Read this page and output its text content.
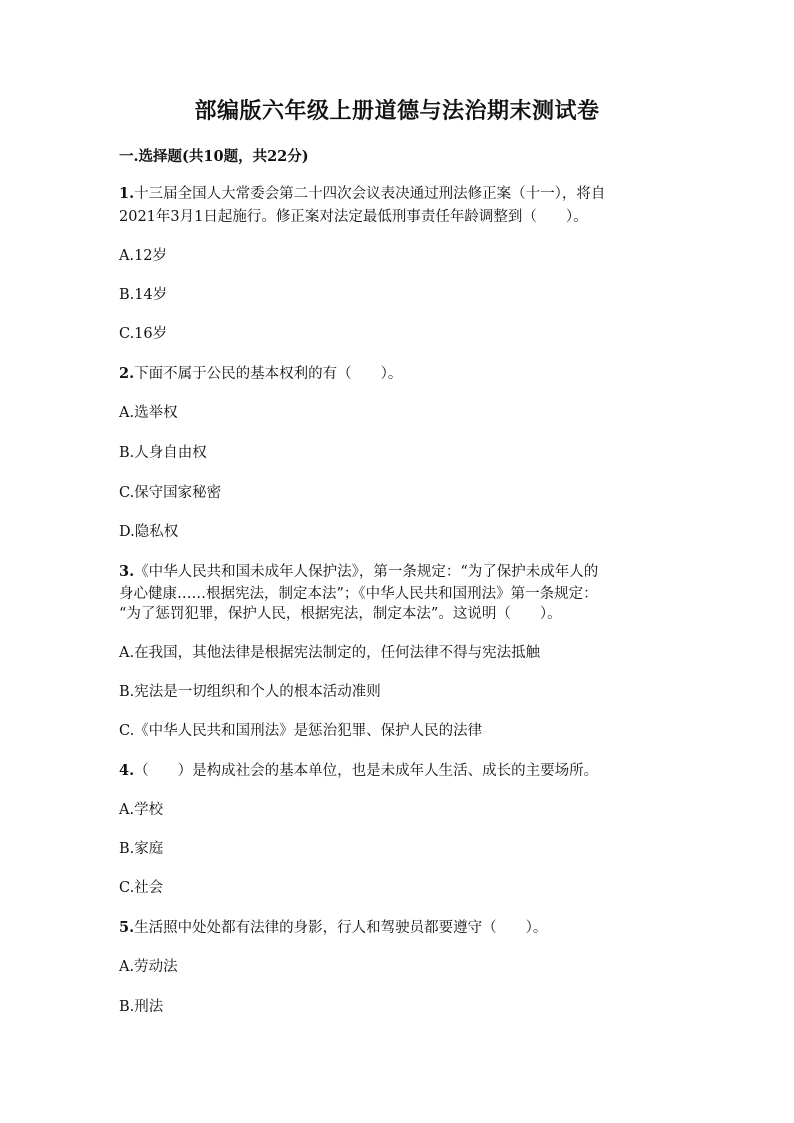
部编版六年级上册道德与法治期末测试卷
一.选择题(共10题，共22分)
1.十三届全国人大常委会第二十四次会议表决通过刑法修正案（十一），将自
2021年3月1日起施行。修正案对法定最低刑事责任年龄调整到（　　）。
A.12岁
B.14岁
C.16岁
2.下面不属于公民的基本权利的有（　　）。
A.选举权
B.人身自由权
C.保守国家秘密
D.隐私权
3.《中华人民共和国未成年人保护法》，第一条规定：“为了保护未成年人的
身心健康……根据宪法，制定本法”；《中华人民共和国刑法》第一条规定：
“为了惩罚犯罪，保护人民，根据宪法，制定本法”。这说明（　　）。
A.在我国，其他法律是根据宪法制定的，任何法律不得与宪法抵触
B.宪法是一切组织和个人的根本活动准则
C.《中华人民共和国刑法》是惩治犯罪、保护人民的法律
4.（　　）是构成社会的基本单位，也是未成年人生活、成长的主要场所。
A.学校
B.家庭
C.社会
5.生活照中处处都有法律的身影，行人和驾驶员都要遵守（　　）。
A.劳动法
B.刑法
